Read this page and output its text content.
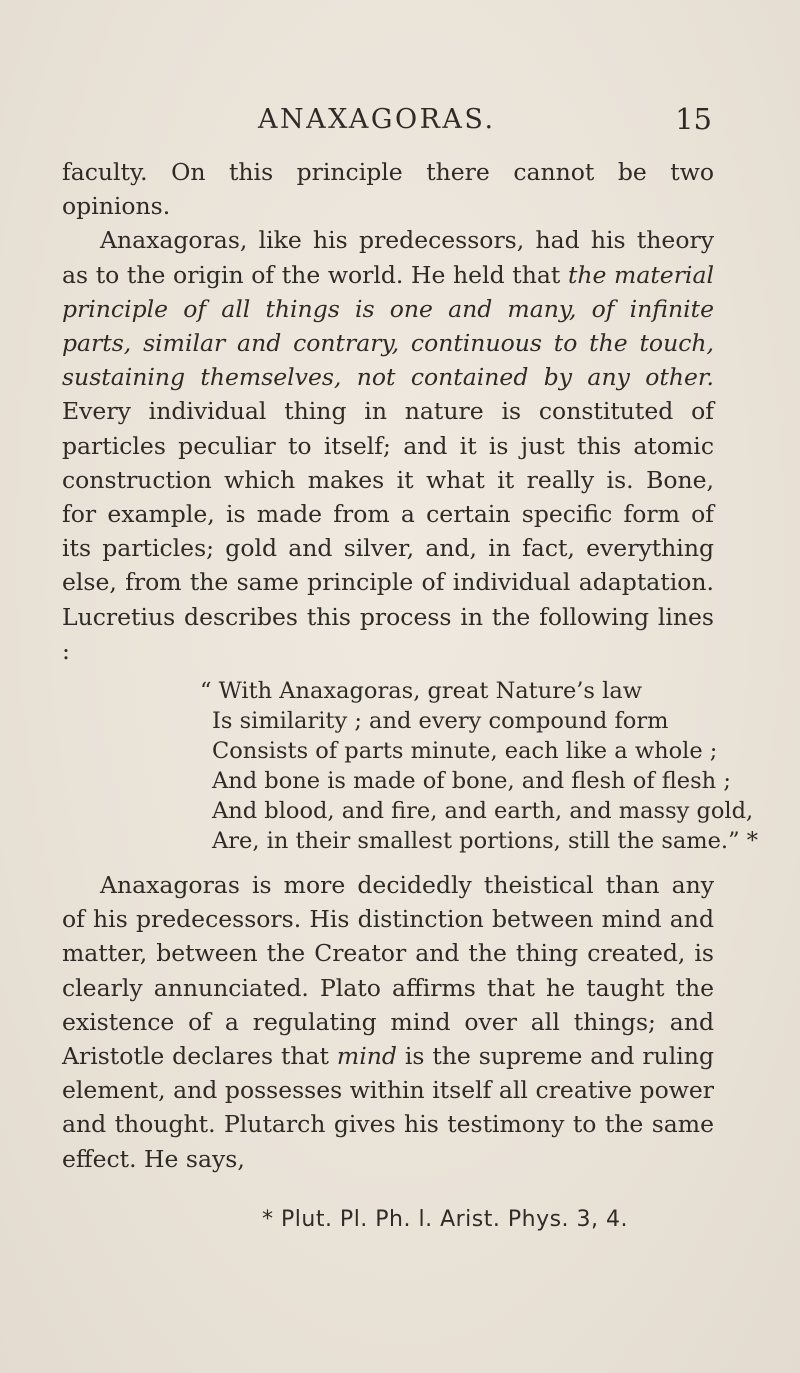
ANAXAGORAS.	15

faculty. On this principle there cannot be two opinions.

Anaxagoras, like his predecessors, had his theory as to the origin of the world. He held that the material principle of all things is one and many, of infinite parts, similar and contrary, continuous to the touch, sustaining themselves, not contained by any other. Every individual thing in nature is constituted of particles peculiar to itself; and it is just this atomic construction which makes it what it really is. Bone, for example, is made from a certain specific form of its particles; gold and silver, and, in fact, everything else, from the same principle of individual adaptation. Lucretius describes this process in the following lines :

“ With Anaxagoras, great Nature’s law
Is similarity ; and every compound form
Consists of parts minute, each like a whole ;
And bone is made of bone, and flesh of flesh ;
And blood, and fire, and earth, and massy gold,
Are, in their smallest portions, still the same.” *

Anaxagoras is more decidedly theistical than any of his predecessors. His distinction between mind and matter, between the Creator and the thing created, is clearly annunciated. Plato affirms that he taught the existence of a regulating mind over all things; and Aristotle declares that mind is the supreme and ruling element, and possesses within itself all creative power and thought. Plutarch gives his testimony to the same effect. He says,

* Plut. Pl. Ph. l. Arist. Phys. 3, 4.
